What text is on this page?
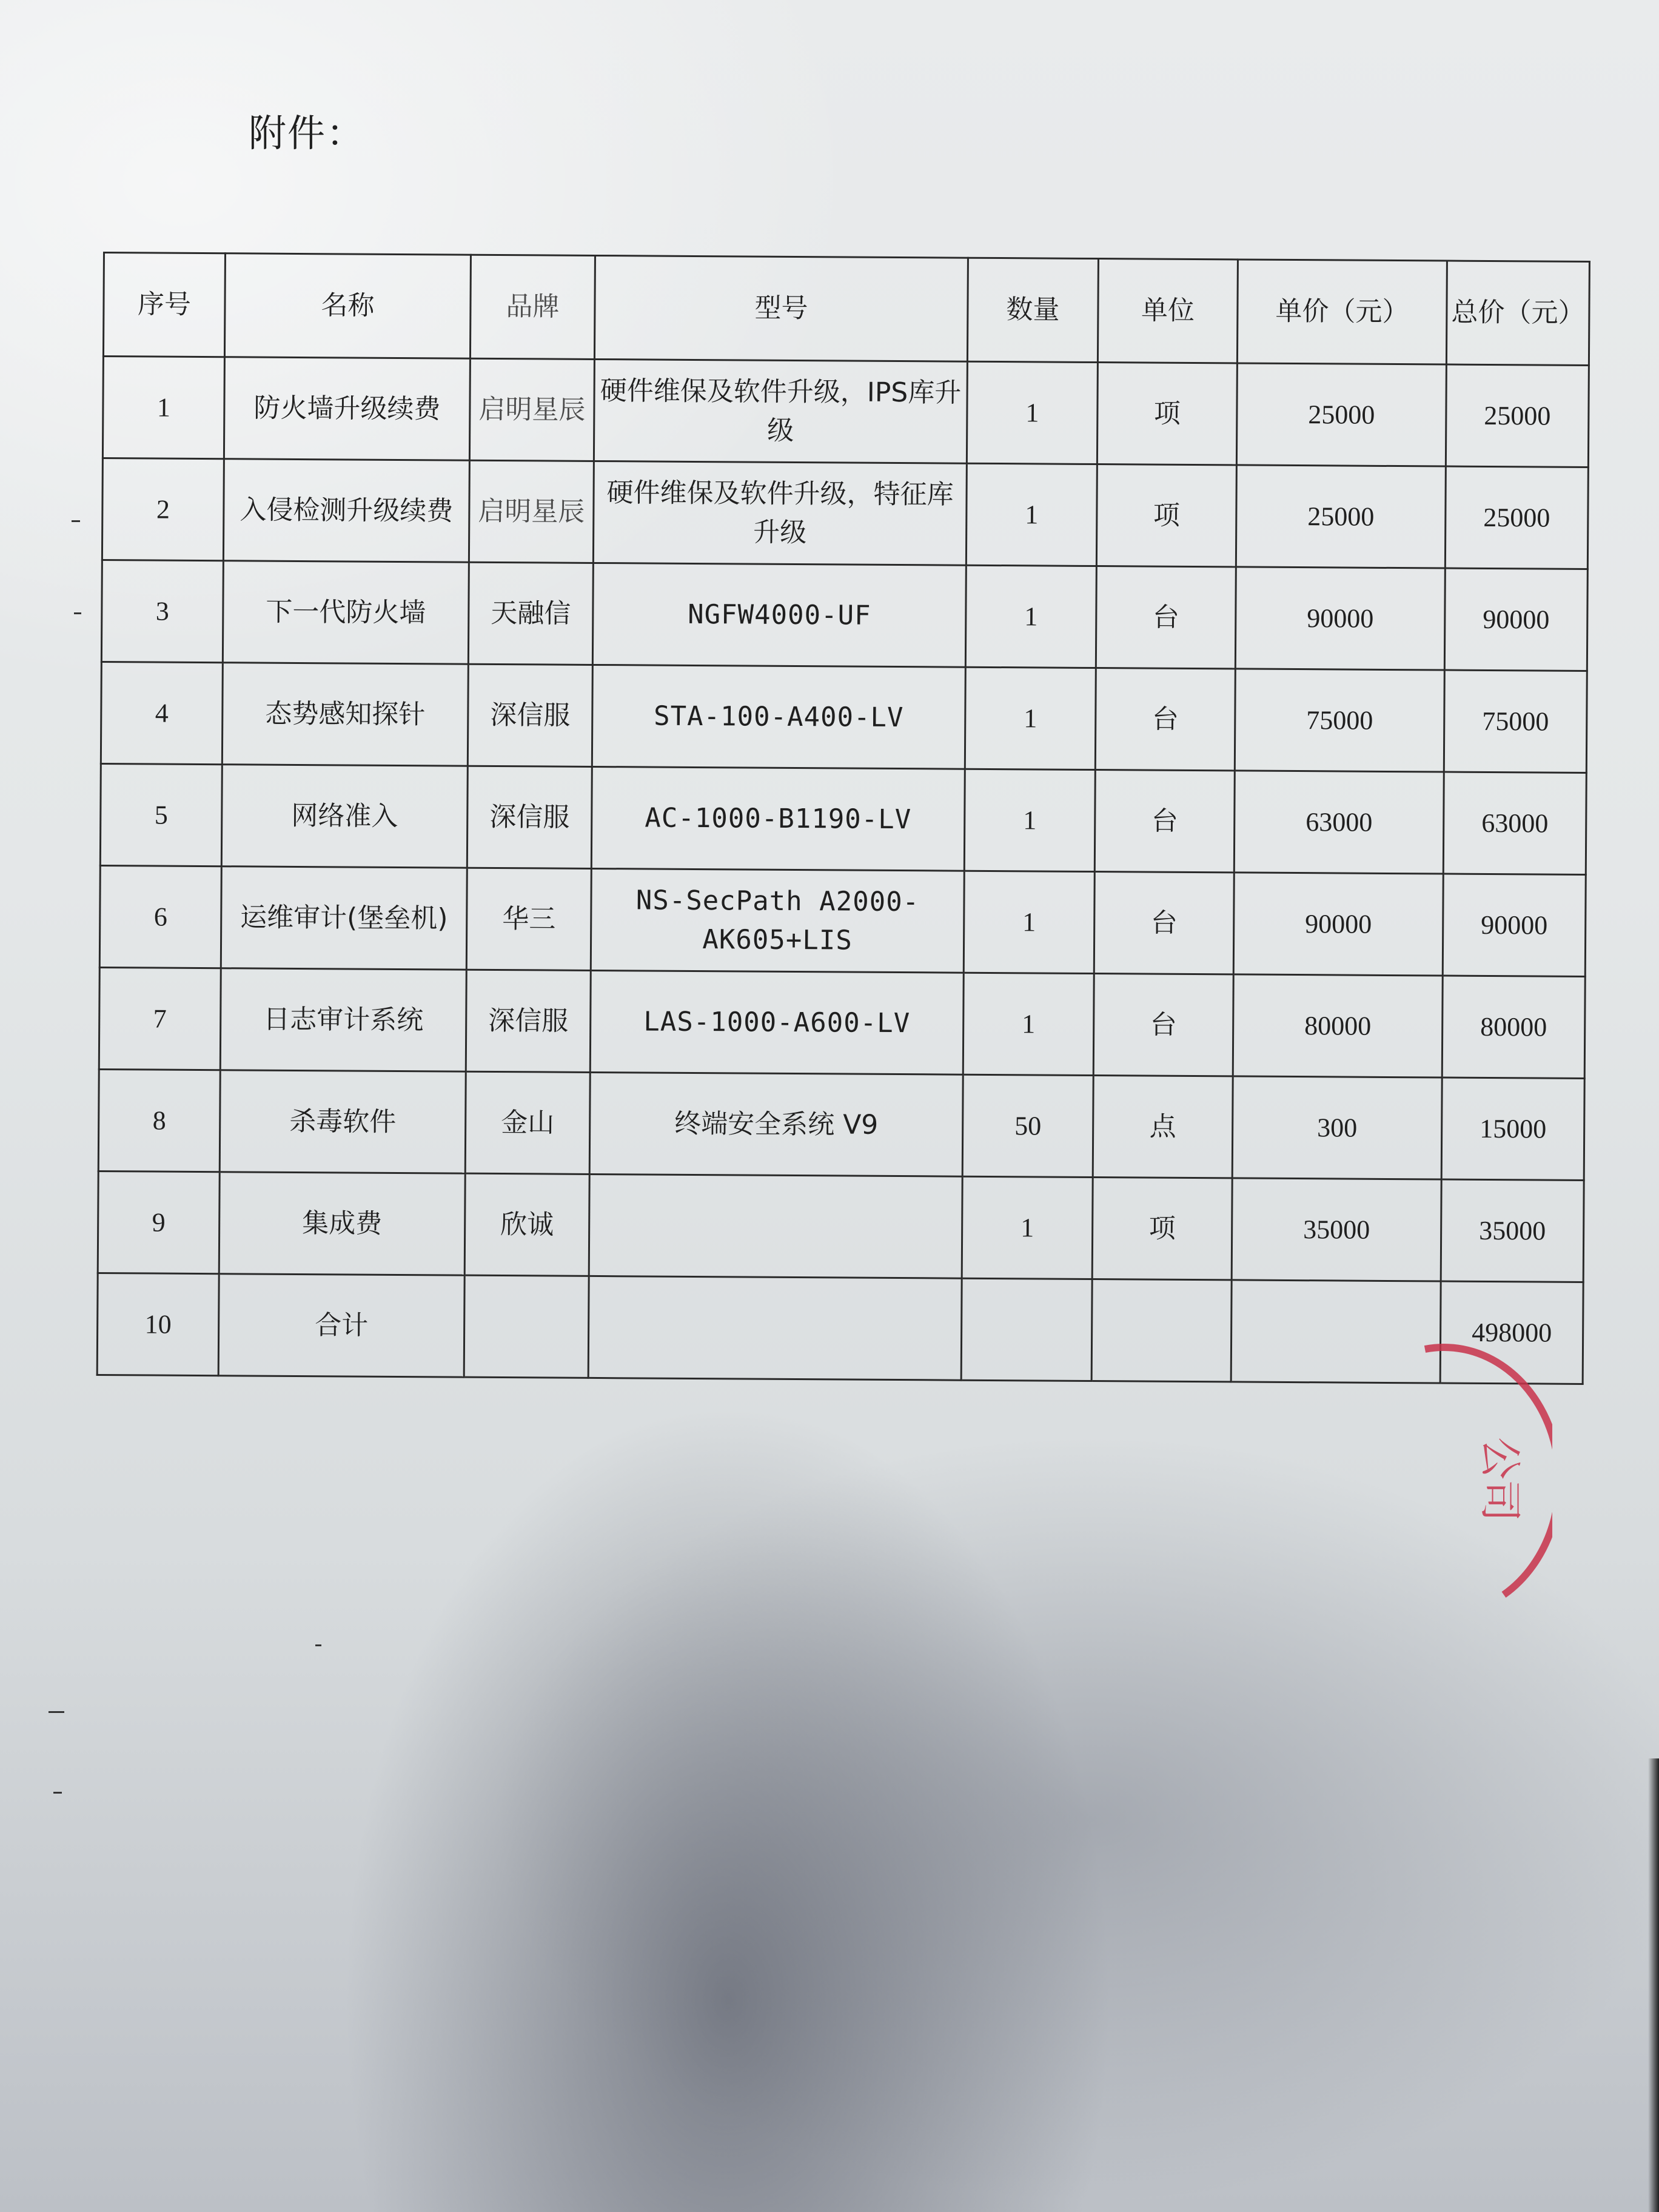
附件：
序号	名称	品牌	型号	数量	单位	单价（元）	总价（元）
1	防火墙升级续费	启明星辰	硬件维保及软件升级，IPS库升级	1	项	25000	25000
2	入侵检测升级续费	启明星辰	硬件维保及软件升级，特征库升级	1	项	25000	25000
3	下一代防火墙	天融信	NGFW4000-UF	1	台	90000	90000
4	态势感知探针	深信服	STA-100-A400-LV	1	台	75000	75000
5	网络准入	深信服	AC-1000-B1190-LV	1	台	63000	63000
6	运维审计(堡垒机)	华三	NS-SecPath A2000-AK605+LIS	1	台	90000	90000
7	日志审计系统	深信服	LAS-1000-A600-LV	1	台	80000	80000
8	杀毒软件	金山	终端安全系统 V9	50	点	300	15000
9	集成费	欣诚		1	项	35000	35000
10	合计						498000
公司
